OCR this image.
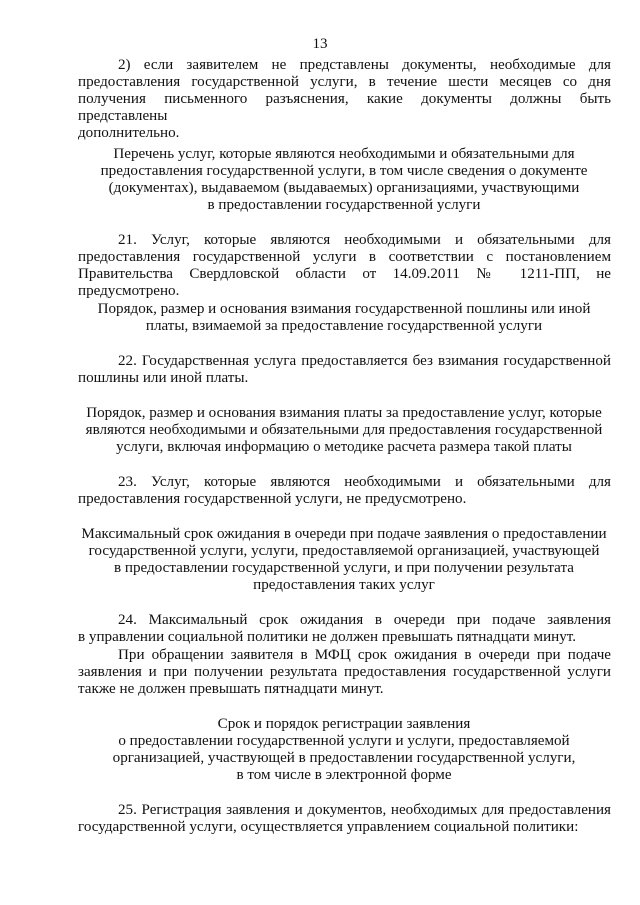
13

2) если заявителем не представлены документы, необходимые для

предоставления государственной услуги, в течение шести месяцев со дня

получения письменного разъяснения, какие документы должны быть представлены

дополнительно.

Перечень услуг, которые являются необходимыми и обязательными для

предоставления государственной услуги, в том числе сведения о документе

(документах), выдаваемом (выдаваемых) организациями, участвующими

в предоставлении государственной услуги

21. Услуг, которые являются необходимыми и обязательными для

предоставления государственной услуги в соответствии с постановлением

Правительства Свердловской области от 14.09.2011 № 1211-ПП, не предусмотрено.

Порядок, размер и основания взимания государственной пошлины или иной

платы, взимаемой за предоставление государственной услуги

22. Государственная услуга предоставляется без взимания государственной

пошлины или иной платы.

Порядок, размер и основания взимания платы за предоставление услуг, которые

являются необходимыми и обязательными для предоставления государственной

услуги, включая информацию о методике расчета размера такой платы

23. Услуг, которые являются необходимыми и обязательными для

предоставления государственной услуги, не предусмотрено.

Максимальный срок ожидания в очереди при подаче заявления о предоставлении

государственной услуги, услуги, предоставляемой организацией, участвующей

в предоставлении государственной услуги, и при получении результата

предоставления таких услуг

24. Максимальный срок ожидания в очереди при подаче заявления

в управлении социальной политики не должен превышать пятнадцати минут.

При обращении заявителя в МФЦ срок ожидания в очереди при подаче

заявления и при получении результата предоставления государственной услуги

также не должен превышать пятнадцати минут.

Срок и порядок регистрации заявления

о предоставлении государственной услуги и услуги, предоставляемой

организацией, участвующей в предоставлении государственной услуги,

в том числе в электронной форме

25. Регистрация заявления и документов, необходимых для предоставления

государственной услуги, осуществляется управлением социальной политики:
